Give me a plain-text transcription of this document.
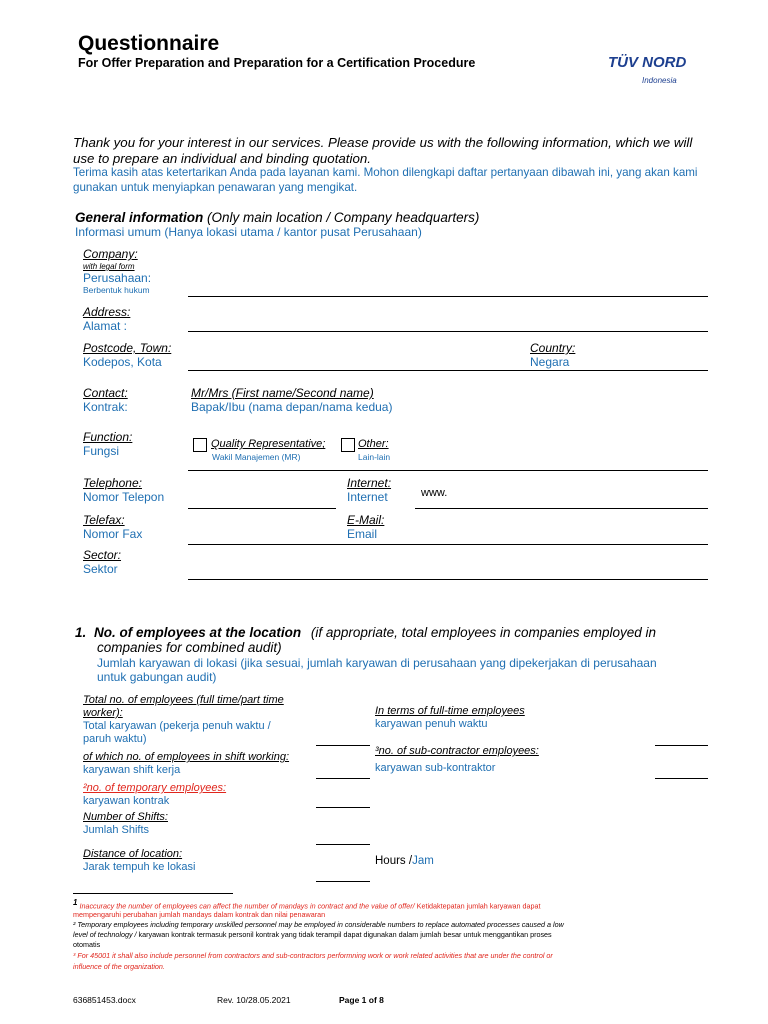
Questionnaire
For Offer Preparation and Preparation for a Certification Procedure	TÜV NORD
Indonesia
Thank you for your interest in our services. Please provide us with the following information, which we will use to prepare an individual and binding quotation.
Terima kasih atas ketertarikan Anda pada layanan kami. Mohon dilengkapi daftar pertanyaan dibawah ini, yang akan kami gunakan untuk menyiapkan penawaran yang mengikat.
General information (Only main location / Company headquarters)
Informasi umum (Hanya lokasi utama / kantor pusat Perusahaan)
Company:
with legal form
Perusahaan:
Berbentuk hukum
Address:
Alamat :
Postcode, Town:
Kodepos, Kota
Country:
Negara
Contact:
Kontrak:
Mr/Mrs (First name/Second name)
Bapak/Ibu (nama depan/nama kedua)
Function:
Fungsi	Quality Representative;
Wakil Manajemen (MR)
Other:
Lain-lain
Telephone:
Nomor Telepon
Internet:
Internet	www.
Telefax:
Nomor Fax
E-Mail:
Email
Sector:
Sektor
1. No. of employees at the location (if appropriate, total employees in companies employed in
companies for combined audit)
Jumlah karyawan di lokasi (jika sesuai, jumlah karyawan di perusahaan yang dipekerjakan di perusahaan
untuk gabungan audit)
Total no. of employees (full time/part time
worker):
Total karyawan (pekerja penuh waktu /
paruh waktu)
In terms of full-time employees
karyawan penuh waktu
of which no. of employees in shift working:
karyawan shift kerja
³no. of sub-contractor employees:
karyawan sub-kontraktor
²no. of temporary employees:
karyawan kontrak
Number of Shifts:
Jumlah Shifts
Distance of location:
Jarak tempuh ke lokasi	Hours /Jam
$^1$ Inaccuracy the number of employees can affect the number of mandays in contract and the value of offer/ Ketidaktepatan jumlah karyawan dapat
mempengaruhi perubahan jumlah mandays dalam kontrak dan nilai penawaran
² Temporary employees including temporary unskilled personnel may be employed in considerable numbers to replace automated processes caused a low
level of technology / karyawan kontrak termasuk personil kontrak yang tidak terampil dapat digunakan dalam jumlah besar untuk menggantikan proses
otomatis
³ For 45001 it shall also include personnel from contractors and sub-contractors performning work or work related activities that are under the control or
influence of the organization.
636851453.docx	Rev. 10/28.05.2021	Page 1 of 8
